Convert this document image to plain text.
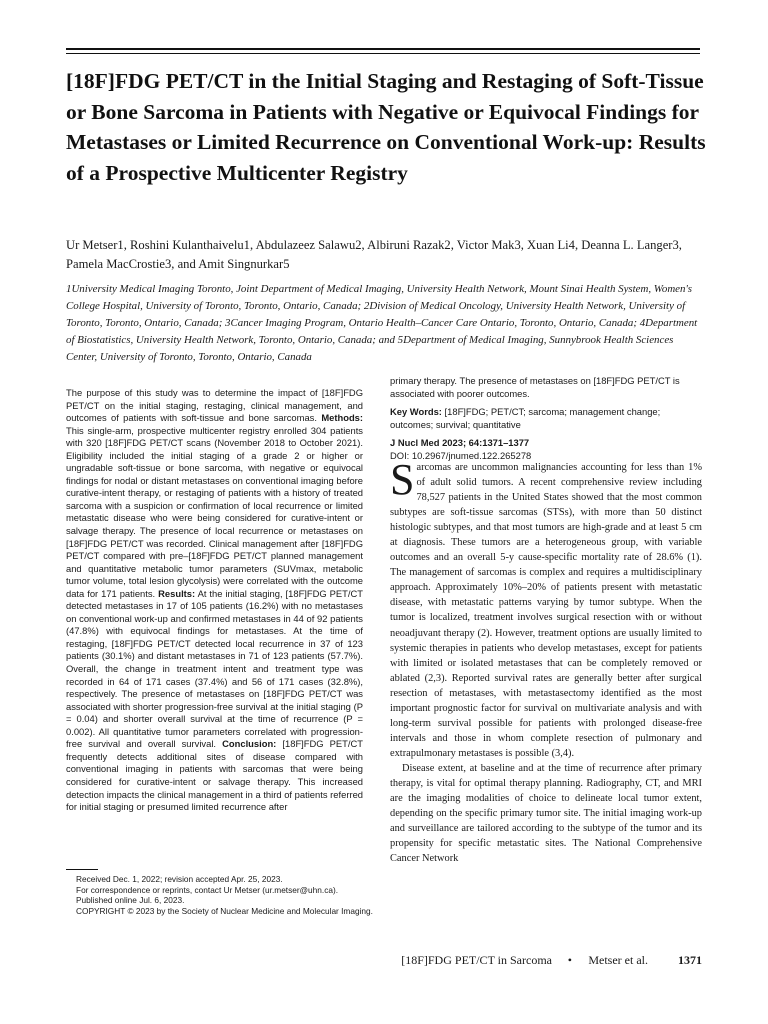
[18F]FDG PET/CT in the Initial Staging and Restaging of Soft-Tissue or Bone Sarcoma in Patients with Negative or Equivocal Findings for Metastases or Limited Recurrence on Conventional Work-up: Results of a Prospective Multicenter Registry

Ur Metser1, Roshini Kulanthaivelu1, Abdulazeez Salawu2, Albiruni Razak2, Victor Mak3, Xuan Li4, Deanna L. Langer3, Pamela MacCrostie3, and Amit Singnurkar5

1University Medical Imaging Toronto, Joint Department of Medical Imaging, University Health Network, Mount Sinai Health System, Women's College Hospital, University of Toronto, Toronto, Ontario, Canada; 2Division of Medical Oncology, University Health Network, University of Toronto, Toronto, Ontario, Canada; 3Cancer Imaging Program, Ontario Health–Cancer Care Ontario, Toronto, Ontario, Canada; 4Department of Biostatistics, University Health Network, Toronto, Ontario, Canada; and 5Department of Medical Imaging, Sunnybrook Health Sciences Center, University of Toronto, Toronto, Ontario, Canada

The purpose of this study was to determine the impact of [18F]FDG PET/CT on the initial staging, restaging, clinical management, and outcomes of patients with soft-tissue and bone sarcomas. Methods: This single-arm, prospective multicenter registry enrolled 304 patients with 320 [18F]FDG PET/CT scans (November 2018 to October 2021). Eligibility included the initial staging of a grade 2 or higher or ungradable soft-tissue or bone sarcoma, with negative or equivocal findings for nodal or distant metastases on conventional imaging before curative-intent therapy, or restaging of patients with a history of treated sarcoma with a suspicion or confirmation of local recurrence or limited metastatic disease who were being considered for curative-intent or salvage therapy. The presence of local recurrence or metastases on [18F]FDG PET/CT was recorded. Clinical management after [18F]FDG PET/CT compared with pre–[18F]FDG PET/CT planned management and quantitative metabolic tumor parameters (SUVmax, metabolic tumor volume, total lesion glycolysis) were correlated with the outcome data for 171 patients. Results: At the initial staging, [18F]FDG PET/CT detected metastases in 17 of 105 patients (16.2%) with no metastases on conventional work-up and confirmed metastases in 44 of 92 patients (47.8%) with equivocal findings for metastases. At the time of restaging, [18F]FDG PET/CT detected local recurrence in 37 of 123 patients (30.1%) and distant metastases in 71 of 123 patients (57.7%). Overall, the change in treatment intent and treatment type was recorded in 64 of 171 cases (37.4%) and 56 of 171 cases (32.8%), respectively. The presence of metastases on [18F]FDG PET/CT was associated with shorter progression-free survival at the initial staging (P = 0.04) and shorter overall survival at the time of recurrence (P = 0.002). All quantitative tumor parameters correlated with progression-free survival and overall survival. Conclusion: [18F]FDG PET/CT frequently detects additional sites of disease compared with conventional imaging in patients with sarcomas that were being considered for curative-intent or salvage therapy. This increased detection impacts the clinical management in a third of patients referred for initial staging or presumed limited recurrence after

primary therapy. The presence of metastases on [18F]FDG PET/CT is associated with poorer outcomes.

Key Words: [18F]FDG; PET/CT; sarcoma; management change; outcomes; survival; quantitative

J Nucl Med 2023; 64:1371–1377
DOI: 10.2967/jnumed.122.265278

Sarcomas are uncommon malignancies accounting for less than 1% of adult solid tumors. A recent comprehensive review including 78,527 patients in the United States showed that the most common subtypes are soft-tissue sarcomas (STSs), with more than 50 distinct histologic subtypes, and that most tumors are high-grade and at least 5 cm at diagnosis. These tumors are a heterogeneous group, with variable outcomes and an overall 5-y cause-specific mortality rate of 28.6% (1). The management of sarcomas is complex and requires a multidisciplinary approach. Approximately 10%–20% of patients present with metastatic disease, with metastatic patterns varying by tumor subtype. When the tumor is localized, treatment involves surgical resection with or without neoadjuvant therapy (2). However, treatment options are usually limited to systemic therapies in patients who develop metastases, except for patients with limited or isolated metastases that can be completely removed or ablated (2,3). Reported survival rates are generally better after surgical resection of metastases, with metastasectomy identified as the most important prognostic factor for survival on multivariate analysis and with long-term survival possible for patients with prolonged disease-free intervals and those in whom complete resection of pulmonary and extrapulmonary metastases is possible (3,4).

Disease extent, at baseline and at the time of recurrence after primary therapy, is vital for optimal therapy planning. Radiography, CT, and MRI are the imaging modalities of choice to delineate local tumor extent, depending on the specific primary tumor site. The initial imaging work-up and surveillance are tailored according to the subtype of the tumor and its propensity for specific metastatic sites. The National Comprehensive Cancer Network

Received Dec. 1, 2022; revision accepted Apr. 25, 2023.
For correspondence or reprints, contact Ur Metser (ur.metser@uhn.ca).
Published online Jul. 6, 2023.
COPYRIGHT © 2023 by the Society of Nuclear Medicine and Molecular Imaging.
[18F]FDG PET/CT in Sarcoma • Metser et al.	1371
